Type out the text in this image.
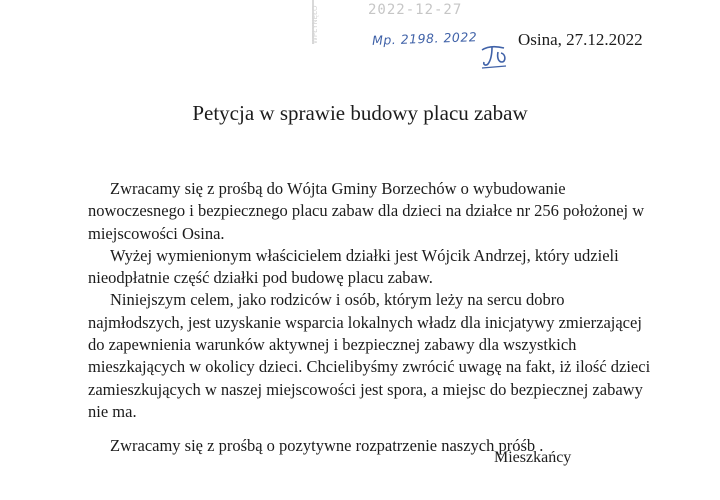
WPŁYNĘŁO	2022-12-27
Mp. 2198. 2022 Osina, 27.12.2022
Petycja w sprawie budowy placu zabaw
Zwracamy się z prośbą do Wójta Gminy Borzechów o wybudowanie
nowoczesnego i bezpiecznego placu zabaw dla dzieci na działce nr 256 położonej w
miejscowości Osina.
Wyżej wymienionym właścicielem działki jest Wójcik Andrzej, który udzieli
nieodpłatnie część działki pod budowę placu zabaw.
Niniejszym celem, jako rodziców i osób, którym leży na sercu dobro
najmłodszych, jest uzyskanie wsparcia lokalnych władz dla inicjatywy zmierzającej
do zapewnienia warunków aktywnej i bezpiecznej zabawy dla wszystkich
mieszkających w okolicy dzieci. Chcielibyśmy zwrócić uwagę na fakt, iż ilość dzieci
zamieszkujących w naszej miejscowości jest spora, a miejsc do bezpiecznej zabawy
nie ma.
Zwracamy się z prośbą o pozytywne rozpatrzenie naszych próśb .
Mieszkańcy
